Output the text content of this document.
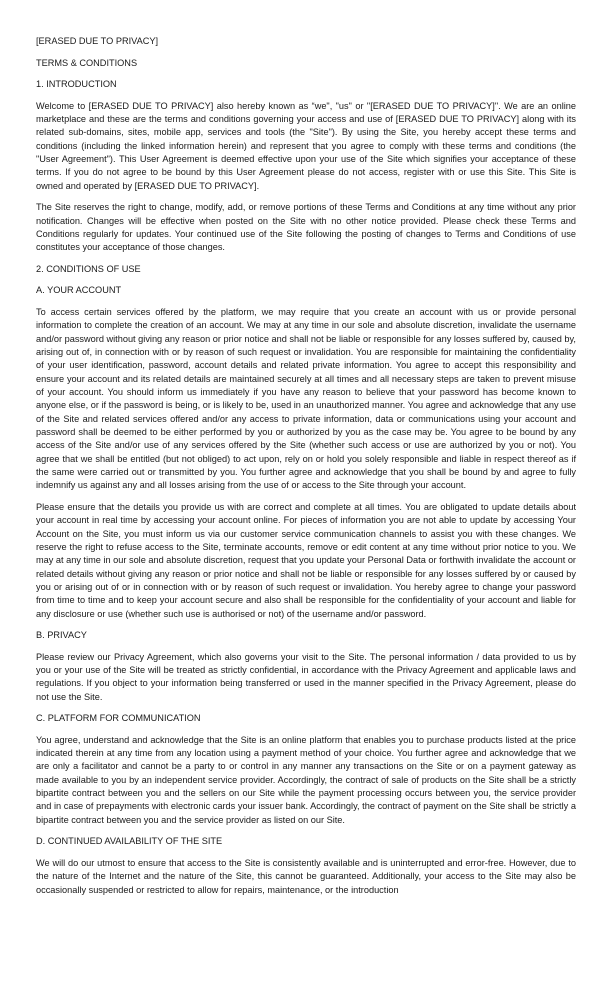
[ERASED DUE TO PRIVACY]

TERMS & CONDITIONS

1. INTRODUCTION

Welcome to [ERASED DUE TO PRIVACY] also hereby known as “we", "us" or "[ERASED DUE TO PRIVACY]". We are an online marketplace and these are the terms and conditions governing your access and use of [ERASED DUE TO PRIVACY] along with its related sub-domains, sites, mobile app, services and tools (the "Site"). By using the Site, you hereby accept these terms and conditions (including the linked information herein) and represent that you agree to comply with these terms and conditions (the "User Agreement"). This User Agreement is deemed effective upon your use of the Site which signifies your acceptance of these terms. If you do not agree to be bound by this User Agreement please do not access, register with or use this Site. This Site is owned and operated by [ERASED DUE TO PRIVACY].

The Site reserves the right to change, modify, add, or remove portions of these Terms and Conditions at any time without any prior notification. Changes will be effective when posted on the Site with no other notice provided. Please check these Terms and Conditions regularly for updates. Your continued use of the Site following the posting of changes to Terms and Conditions of use constitutes your acceptance of those changes.

2. CONDITIONS OF USE

A. YOUR ACCOUNT

To access certain services offered by the platform, we may require that you create an account with us or provide personal information to complete the creation of an account. We may at any time in our sole and absolute discretion, invalidate the username and/or password without giving any reason or prior notice and shall not be liable or responsible for any losses suffered by, caused by, arising out of, in connection with or by reason of such request or invalidation. You are responsible for maintaining the confidentiality of your user identification, password, account details and related private information. You agree to accept this responsibility and ensure your account and its related details are maintained securely at all times and all necessary steps are taken to prevent misuse of your account. You should inform us immediately if you have any reason to believe that your password has become known to anyone else, or if the password is being, or is likely to be, used in an unauthorized manner. You agree and acknowledge that any use of the Site and related services offered and/or any access to private information, data or communications using your account and password shall be deemed to be either performed by you or authorized by you as the case may be. You agree to be bound by any access of the Site and/or use of any services offered by the Site (whether such access or use are authorized by you or not). You agree that we shall be entitled (but not obliged) to act upon, rely on or hold you solely responsible and liable in respect thereof as if the same were carried out or transmitted by you. You further agree and acknowledge that you shall be bound by and agree to fully indemnify us against any and all losses arising from the use of or access to the Site through your account.

Please ensure that the details you provide us with are correct and complete at all times. You are obligated to update details about your account in real time by accessing your account online. For pieces of information you are not able to update by accessing Your Account on the Site, you must inform us via our customer service communication channels to assist you with these changes. We reserve the right to refuse access to the Site, terminate accounts, remove or edit content at any time without prior notice to you. We may at any time in our sole and absolute discretion, request that you update your Personal Data or forthwith invalidate the account or related details without giving any reason or prior notice and shall not be liable or responsible for any losses suffered by or caused by you or arising out of or in connection with or by reason of such request or invalidation. You hereby agree to change your password from time to time and to keep your account secure and also shall be responsible for the confidentiality of your account and liable for any disclosure or use (whether such use is authorised or not) of the username and/or password.

B. PRIVACY

Please review our Privacy Agreement, which also governs your visit to the Site. The personal information / data provided to us by you or your use of the Site will be treated as strictly confidential, in accordance with the Privacy Agreement and applicable laws and regulations. If you object to your information being transferred or used in the manner specified in the Privacy Agreement, please do not use the Site.

C. PLATFORM FOR COMMUNICATION

You agree, understand and acknowledge that the Site is an online platform that enables you to purchase products listed at the price indicated therein at any time from any location using a payment method of your choice. You further agree and acknowledge that we are only a facilitator and cannot be a party to or control in any manner any transactions on the Site or on a payment gateway as made available to you by an independent service provider. Accordingly, the contract of sale of products on the Site shall be a strictly bipartite contract between you and the sellers on our Site while the payment processing occurs between you, the service provider and in case of prepayments with electronic cards your issuer bank. Accordingly, the contract of payment on the Site shall be strictly a bipartite contract between you and the service provider as listed on our Site.

D. CONTINUED AVAILABILITY OF THE SITE

We will do our utmost to ensure that access to the Site is consistently available and is uninterrupted and error-free. However, due to the nature of the Internet and the nature of the Site, this cannot be guaranteed. Additionally, your access to the Site may also be occasionally suspended or restricted to allow for repairs, maintenance, or the introduction
